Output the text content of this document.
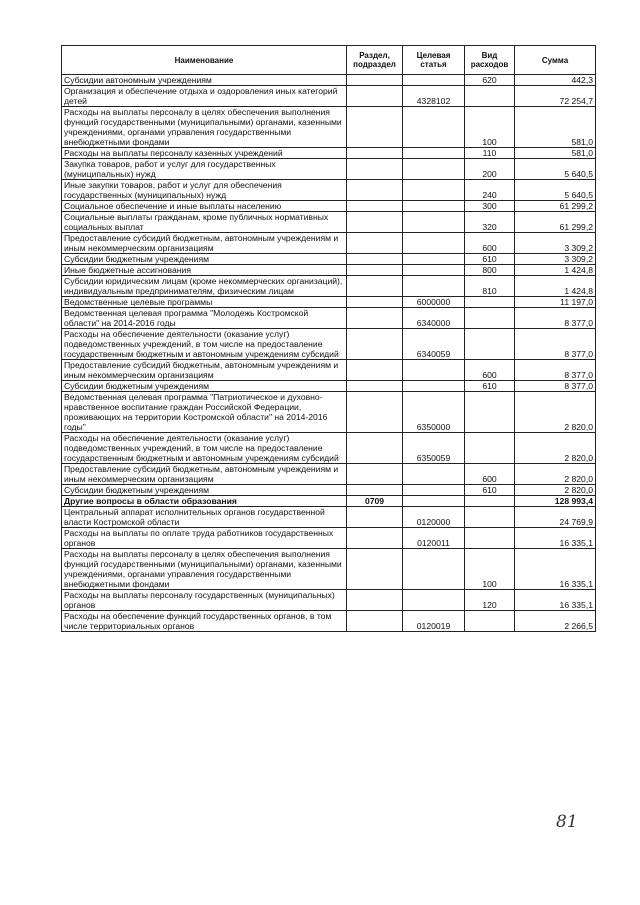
Наименование	Раздел, подраздел	Целевая статья	Вид расходов	Сумма
Субсидии автономным учреждениям			620	442,3
Организация и обеспечение отдыха и оздоровления иных категорий детей		4328102		72 254,7
Расходы на выплаты персоналу в целях обеспечения выполнения функций государственными (муниципальными) органами, казенными учреждениями, органами управления государственными внебюджетными фондами			100	581,0
Расходы на выплаты персоналу казенных учреждений			110	581,0
Закупка товаров, работ и услуг для государственных (муниципальных) нужд			200	5 640,5
Иные закупки товаров, работ и услуг для обеспечения государственных (муниципальных) нужд			240	5 640,5
Социальное обеспечение и иные выплаты населению			300	61 299,2
Социальные выплаты гражданам, кроме публичных нормативных социальных выплат			320	61 299,2
Предоставление субсидий бюджетным, автономным учреждениям и иным некоммерческим организациям			600	3 309,2
Субсидии бюджетным учреждениям			610	3 309,2
Иные бюджетные ассигнования			800	1 424,8
Субсидии юридическим лицам (кроме некоммерческих организаций), индивидуальным предпринимателям, физическим лицам			810	1 424,8
Ведомственные целевые программы		6000000		11 197,0
Ведомственная целевая программа "Молодежь Костромской области" на 2014-2016 годы		6340000		8 377,0
Расходы на обеспечение деятельности (оказание услуг) подведомственных учреждений, в том числе на предоставление государственным бюджетным и автономным учреждениям субсидий		6340059		8 377,0
Предоставление субсидий бюджетным, автономным учреждениям и иным некоммерческим организациям			600	8 377,0
Субсидии бюджетным учреждениям			610	8 377,0
Ведомственная целевая программа "Патриотическое и духовно-нравственное воспитание граждан Российской Федерации, проживающих на территории Костромской области" на 2014-2016 годы"		6350000		2 820,0
Расходы на обеспечение деятельности (оказание услуг) подведомственных учреждений, в том числе на предоставление государственным бюджетным и автономным учреждениям субсидий		6350059		2 820,0
Предоставление субсидий бюджетным, автономным учреждениям и иным некоммерческим организациям			600	2 820,0
Субсидии бюджетным учреждениям			610	2 820,0
Другие вопросы в области образования	0709			128 993,4
Центральный аппарат исполнительных органов государственной власти Костромской области		0120000		24 769,9
Расходы на выплаты по оплате труда работников государственных органов		0120011		16 335,1
Расходы на выплаты персоналу в целях обеспечения выполнения функций государственными (муниципальными) органами, казенными учреждениями, органами управления государственными внебюджетными фондами			100	16 335,1
Расходы на выплаты персоналу государственных (муниципальных) органов			120	16 335,1
Расходы на обеспечение функций государственных органов, в том числе территориальных органов		0120019		2 266,5
81
